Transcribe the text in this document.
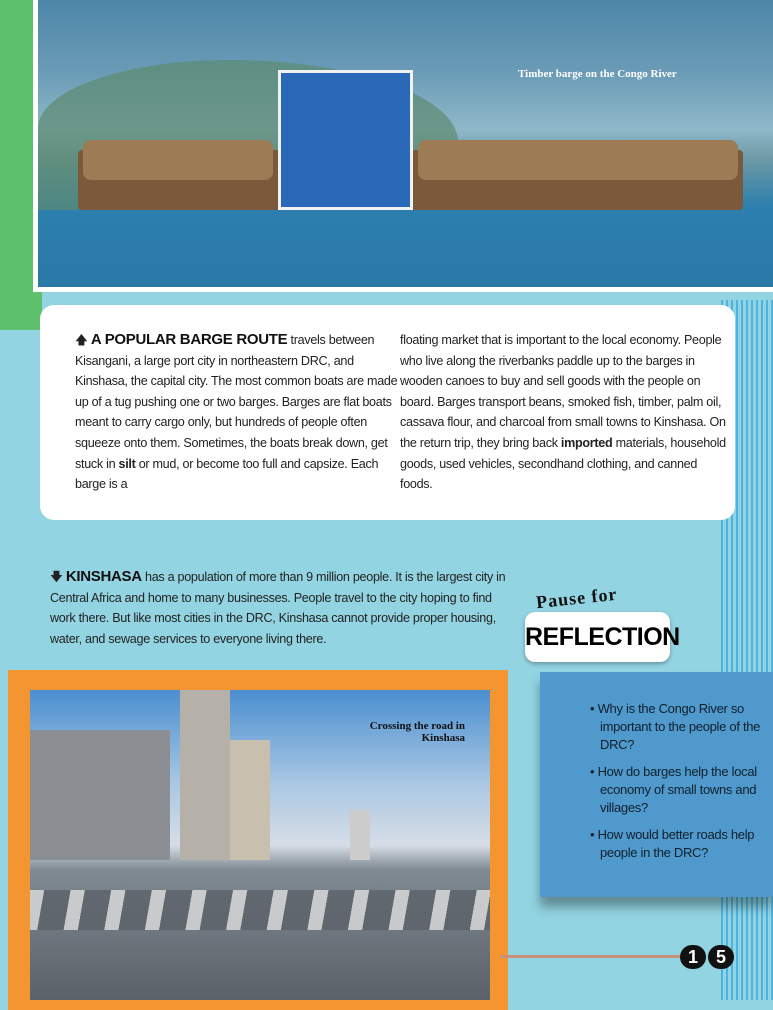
Timber barge on the Congo River
🡅 A POPULAR BARGE ROUTE travels between Kisangani, a large port city in northeastern DRC, and Kinshasa, the capital city. The most common boats are made up of a tug pushing one or two barges. Barges are flat boats meant to carry cargo only, but hundreds of people often squeeze onto them. Sometimes, the boats break down, get stuck in silt or mud, or become too full and capsize. Each barge is a
floating market that is important to the local economy. People who live along the riverbanks paddle up to the barges in wooden canoes to buy and sell goods with the people on board. Barges transport beans, smoked fish, timber, palm oil, cassava flour, and charcoal from small towns to Kinshasa. On the return trip, they bring back imported materials, household goods, used vehicles, secondhand clothing, and canned foods.
🡇 KINSHASA has a population of more than 9 million people. It is the largest city in Central Africa and home to many businesses. People travel to the city hoping to find work there. But like most cities in the DRC, Kinshasa cannot provide proper housing, water, and sewage services to everyone living there.
Pause for
REFLECTION
• Why is the Congo River so important to the people of the DRC?
• How do barges help the local economy of small towns and villages?
• How would better roads help people in the DRC?
Crossing the road in Kinshasa
1 5
